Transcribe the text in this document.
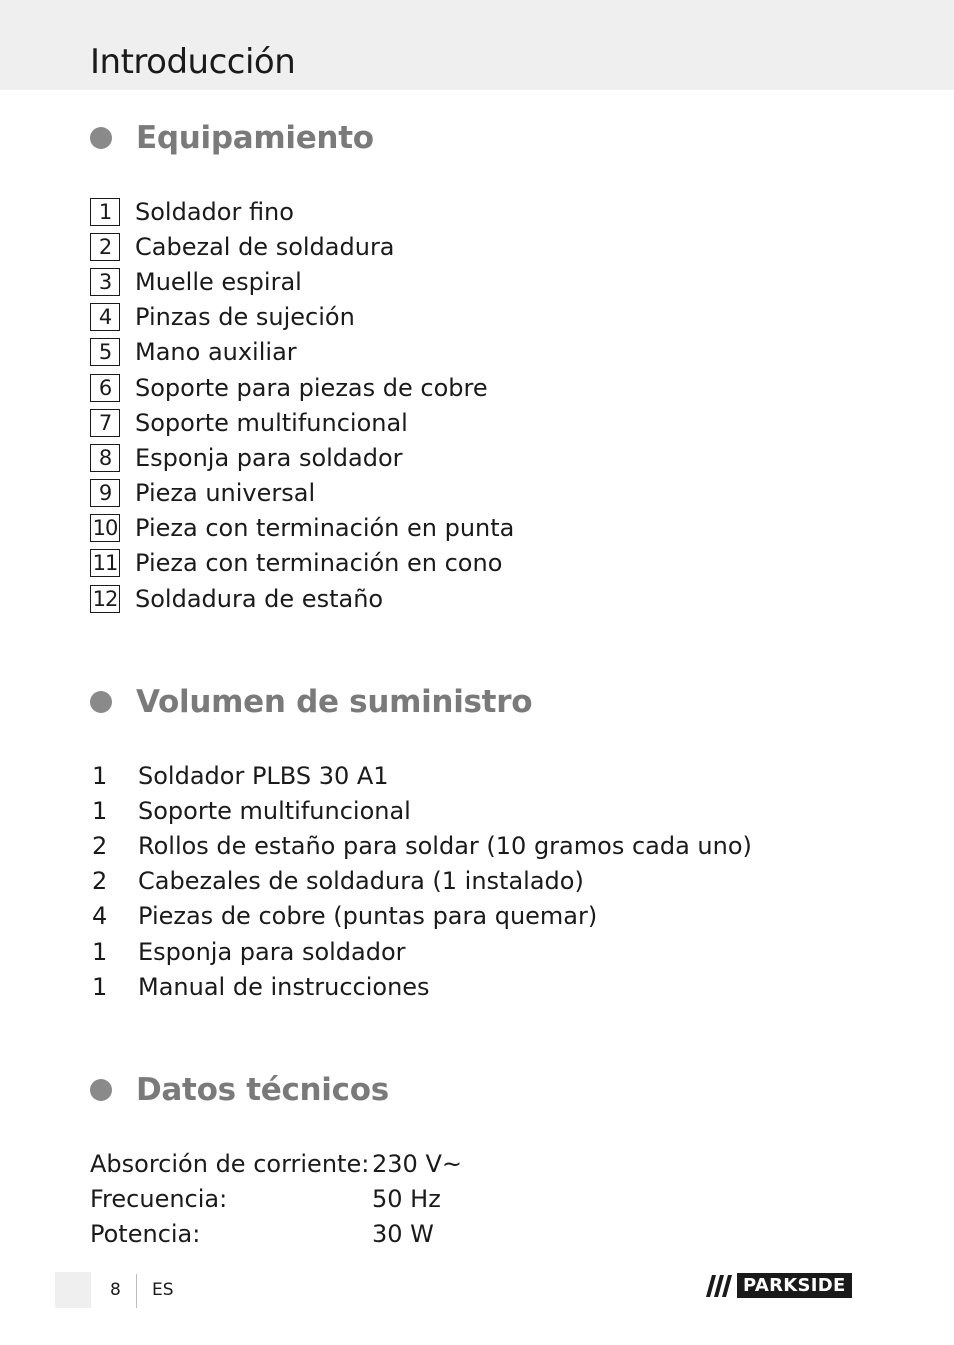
Introducción
Equipamiento
1 Soldador fino
2 Cabezal de soldadura
3 Muelle espiral
4 Pinzas de sujeción
5 Mano auxiliar
6 Soporte para piezas de cobre
7 Soporte multifuncional
8 Esponja para soldador
9 Pieza universal
10 Pieza con terminación en punta
11 Pieza con terminación en cono
12 Soldadura de estaño
Volumen de suministro
1	Soldador PLBS 30 A1
1	Soporte multifuncional
2	Rollos de estaño para soldar (10 gramos cada uno)
2	Cabezales de soldadura (1 instalado)
4	Piezas de cobre (puntas para quemar)
1	Esponja para soldador
1	Manual de instrucciones
Datos técnicos
Absorción de corriente:	230 V~
Frecuencia:	50 Hz
Potencia:	30 W
8 ES	PARKSIDE
